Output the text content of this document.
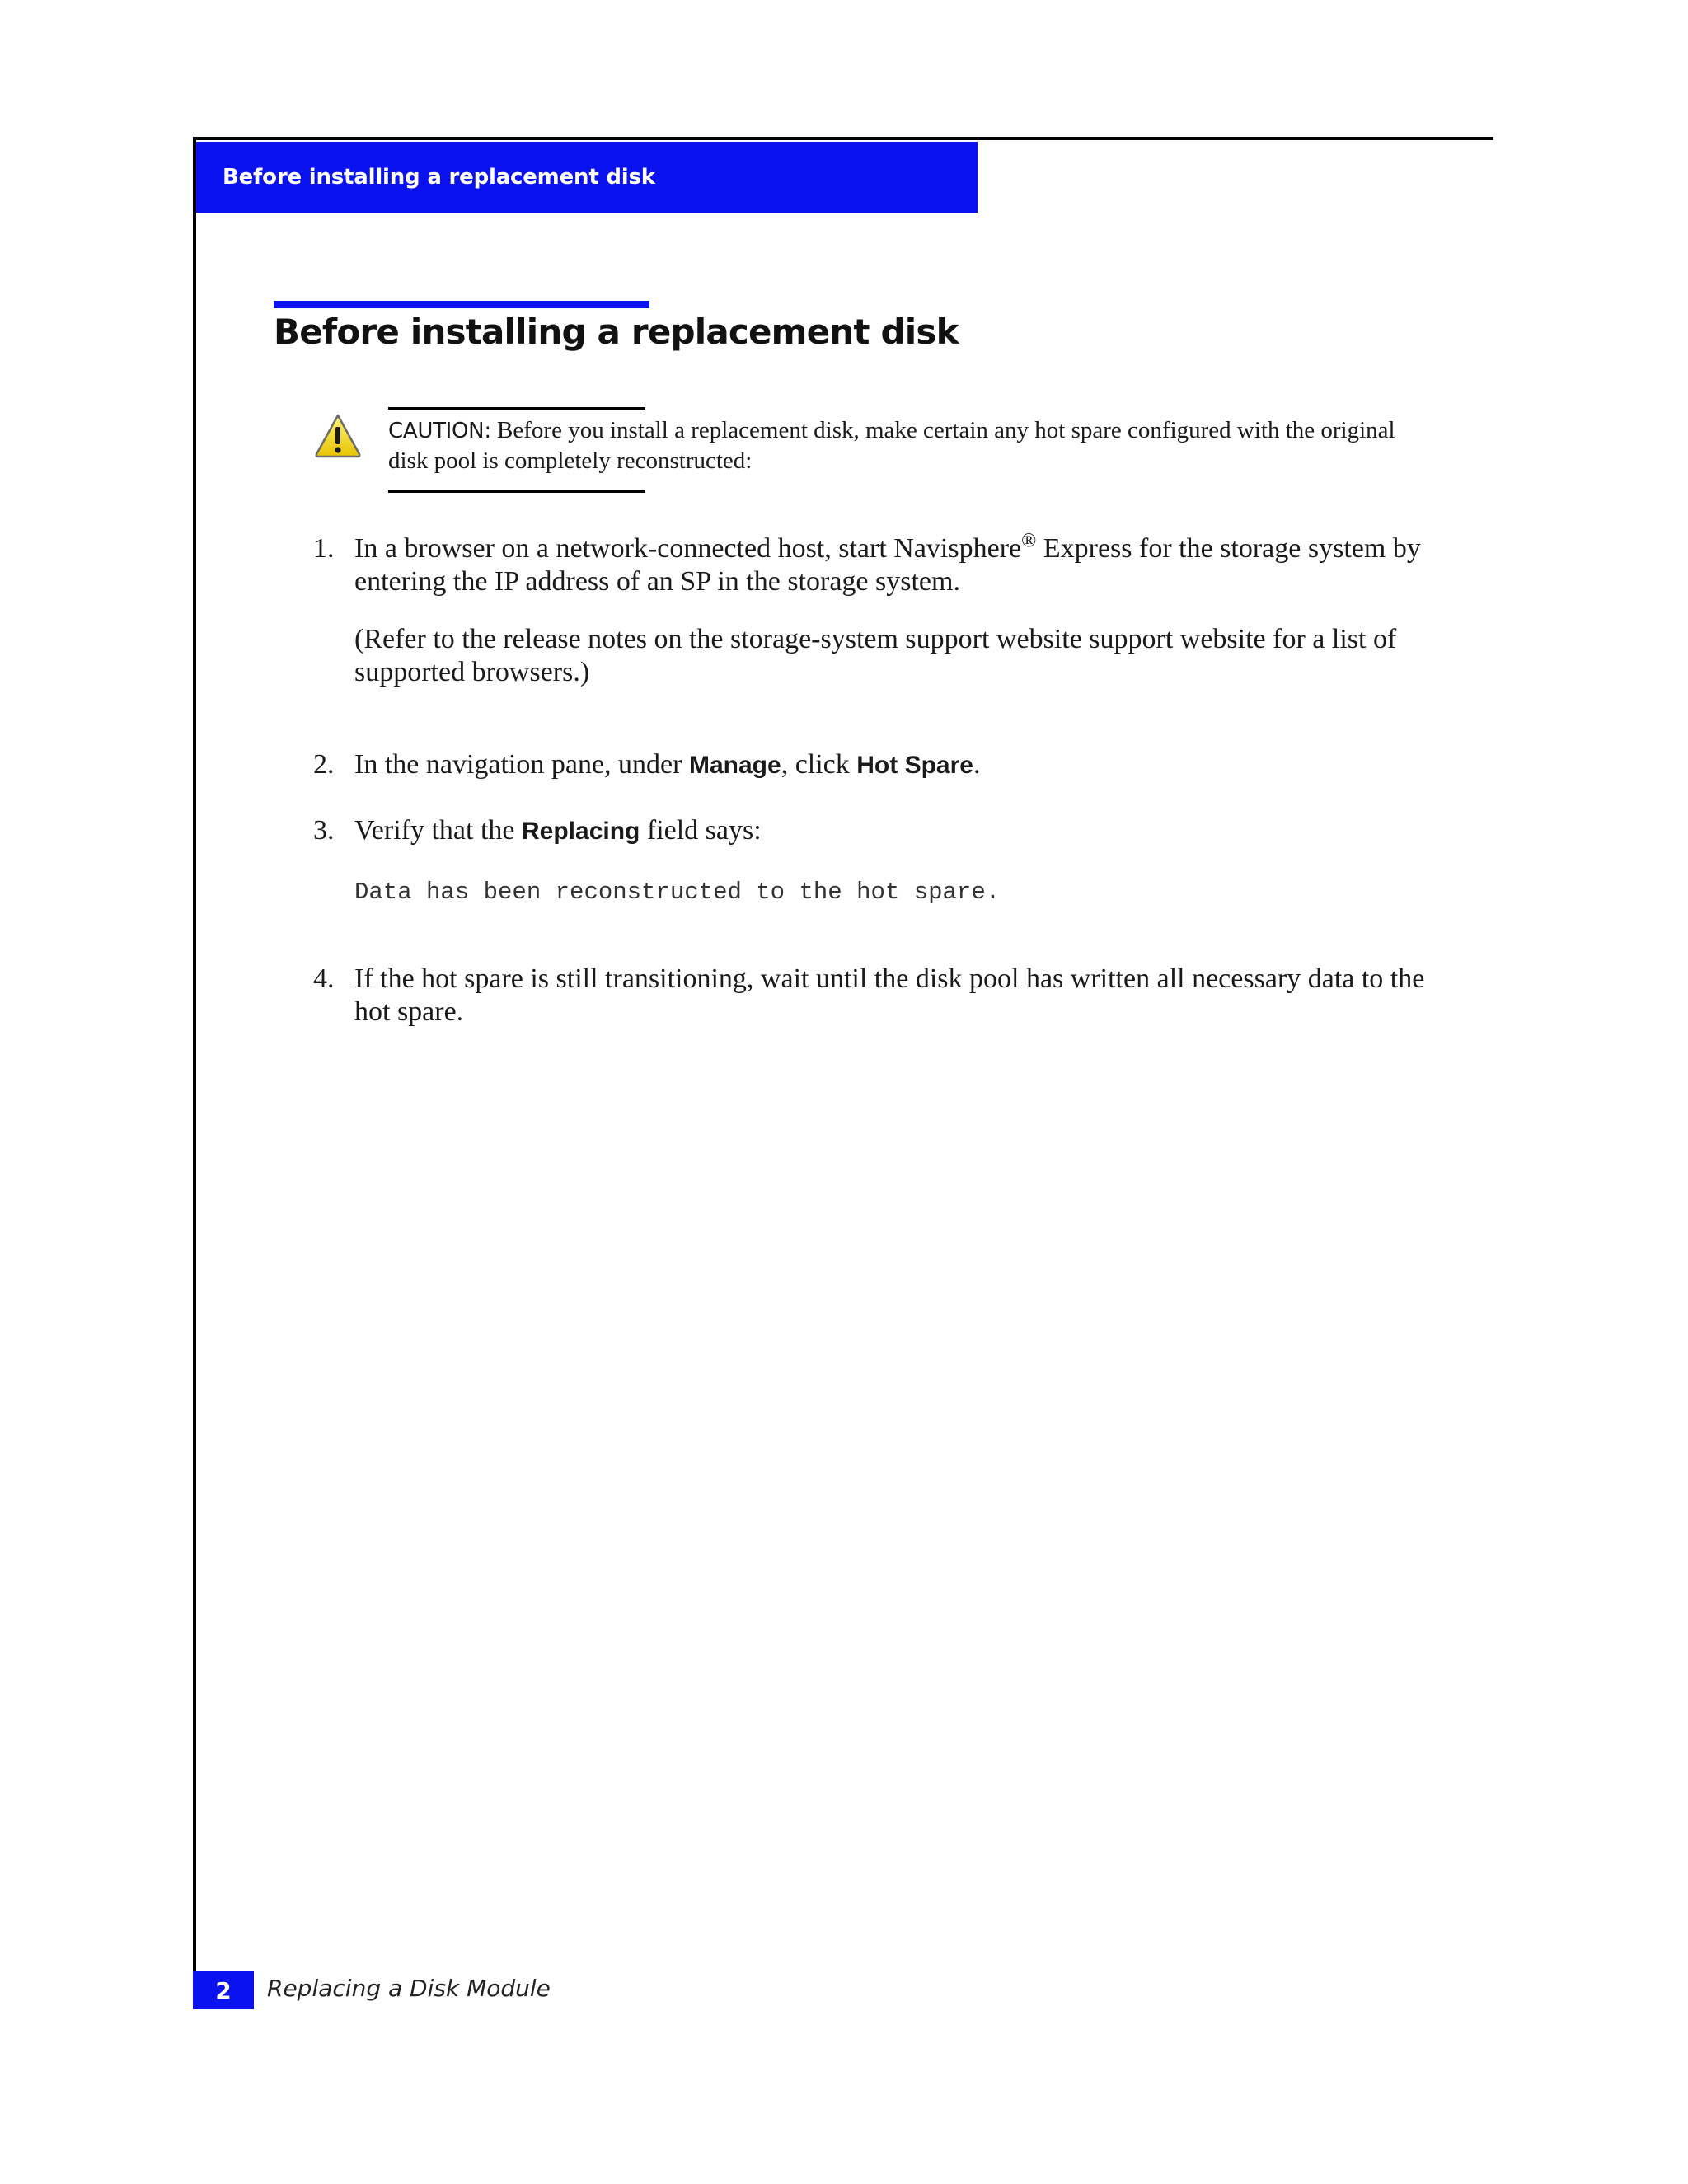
Before installing a replacement disk
Before installing a replacement disk
CAUTION: Before you install a replacement disk, make certain any hot spare configured with the original disk pool is completely reconstructed:
1. In a browser on a network-connected host, start Navisphere® Express for the storage system by entering the IP address of an SP in the storage system.
(Refer to the release notes on the storage-system support website support website for a list of supported browsers.)
2. In the navigation pane, under Manage, click Hot Spare.
3. Verify that the Replacing field says:
Data has been reconstructed to the hot spare.
4. If the hot spare is still transitioning, wait until the disk pool has written all necessary data to the hot spare.
2	Replacing a Disk Module
